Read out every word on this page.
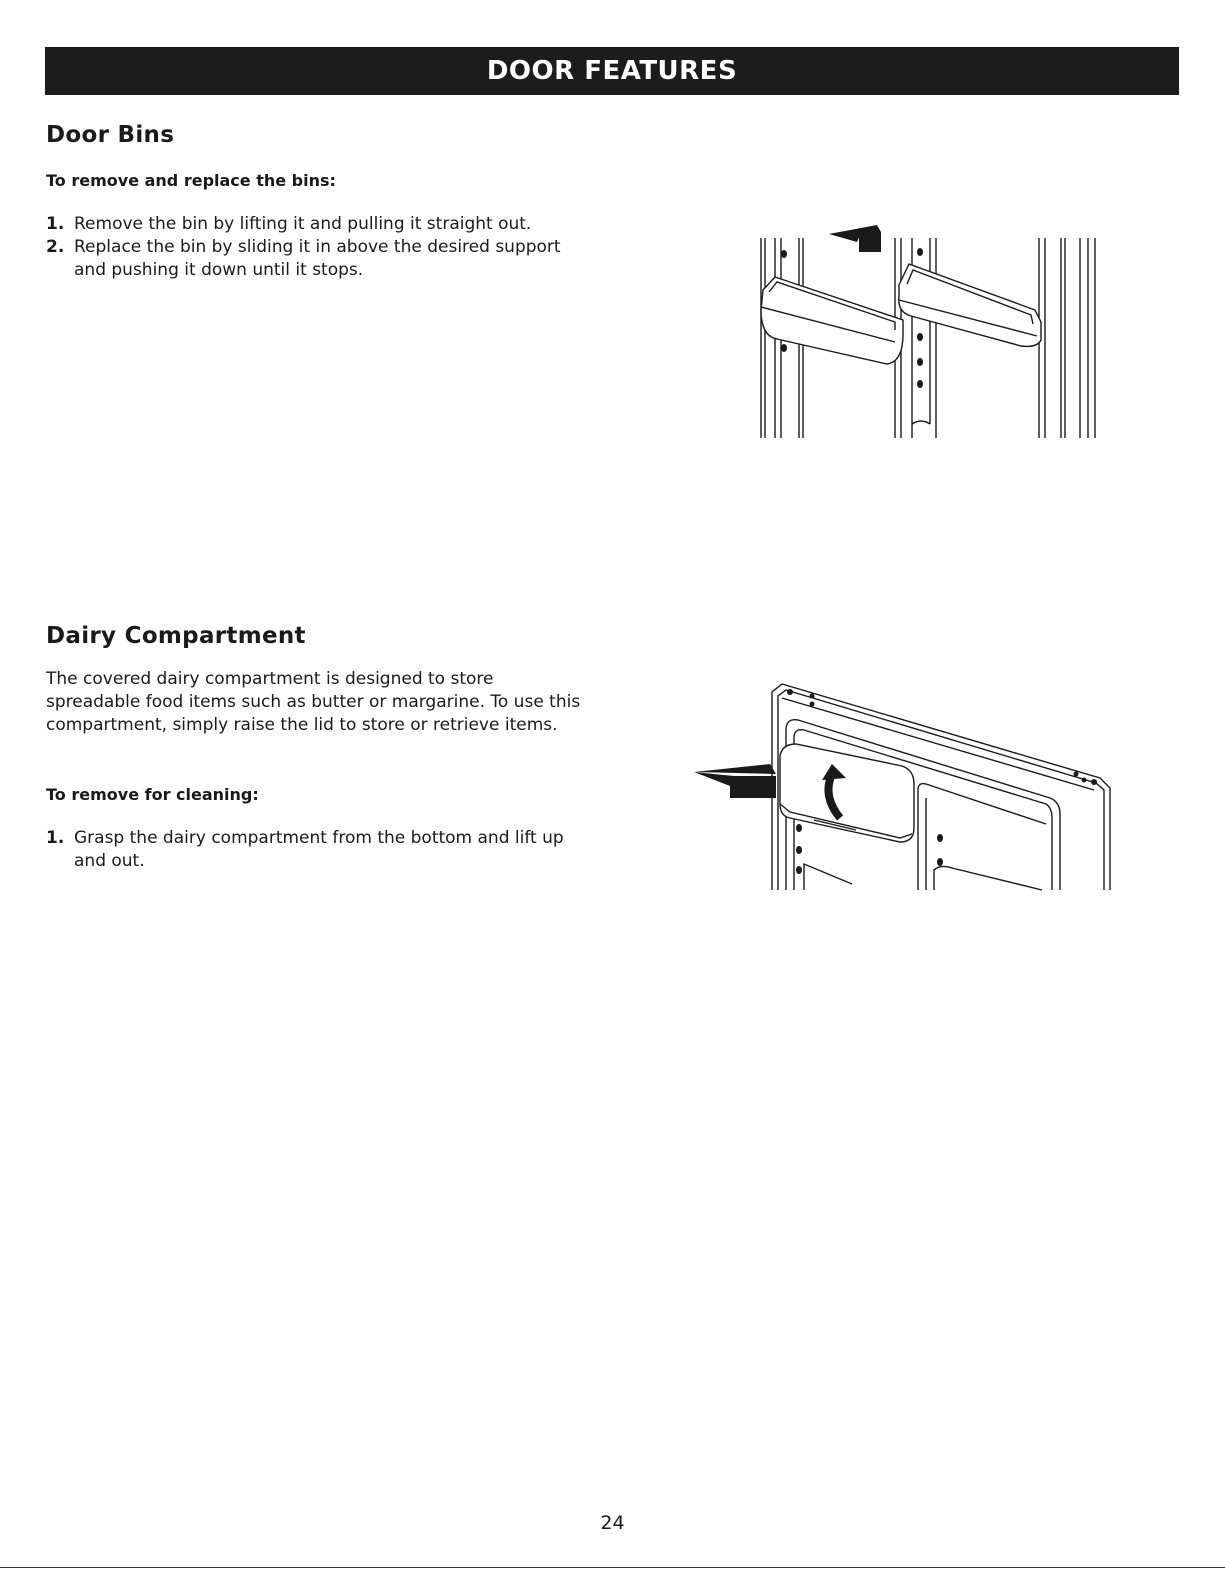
DOOR FEATURES
Door Bins

To remove and replace the bins:

1. Remove the bin by lifting it and pulling it straight out.
2. Replace the bin by sliding it in above the desired support and pushing it down until it stops.
Dairy Compartment

The covered dairy compartment is designed to store spreadable food items such as butter or margarine. To use this compartment, simply raise the lid to store or retrieve items.

To remove for cleaning:

1. Grasp the dairy compartment from the bottom and lift up and out.
24
